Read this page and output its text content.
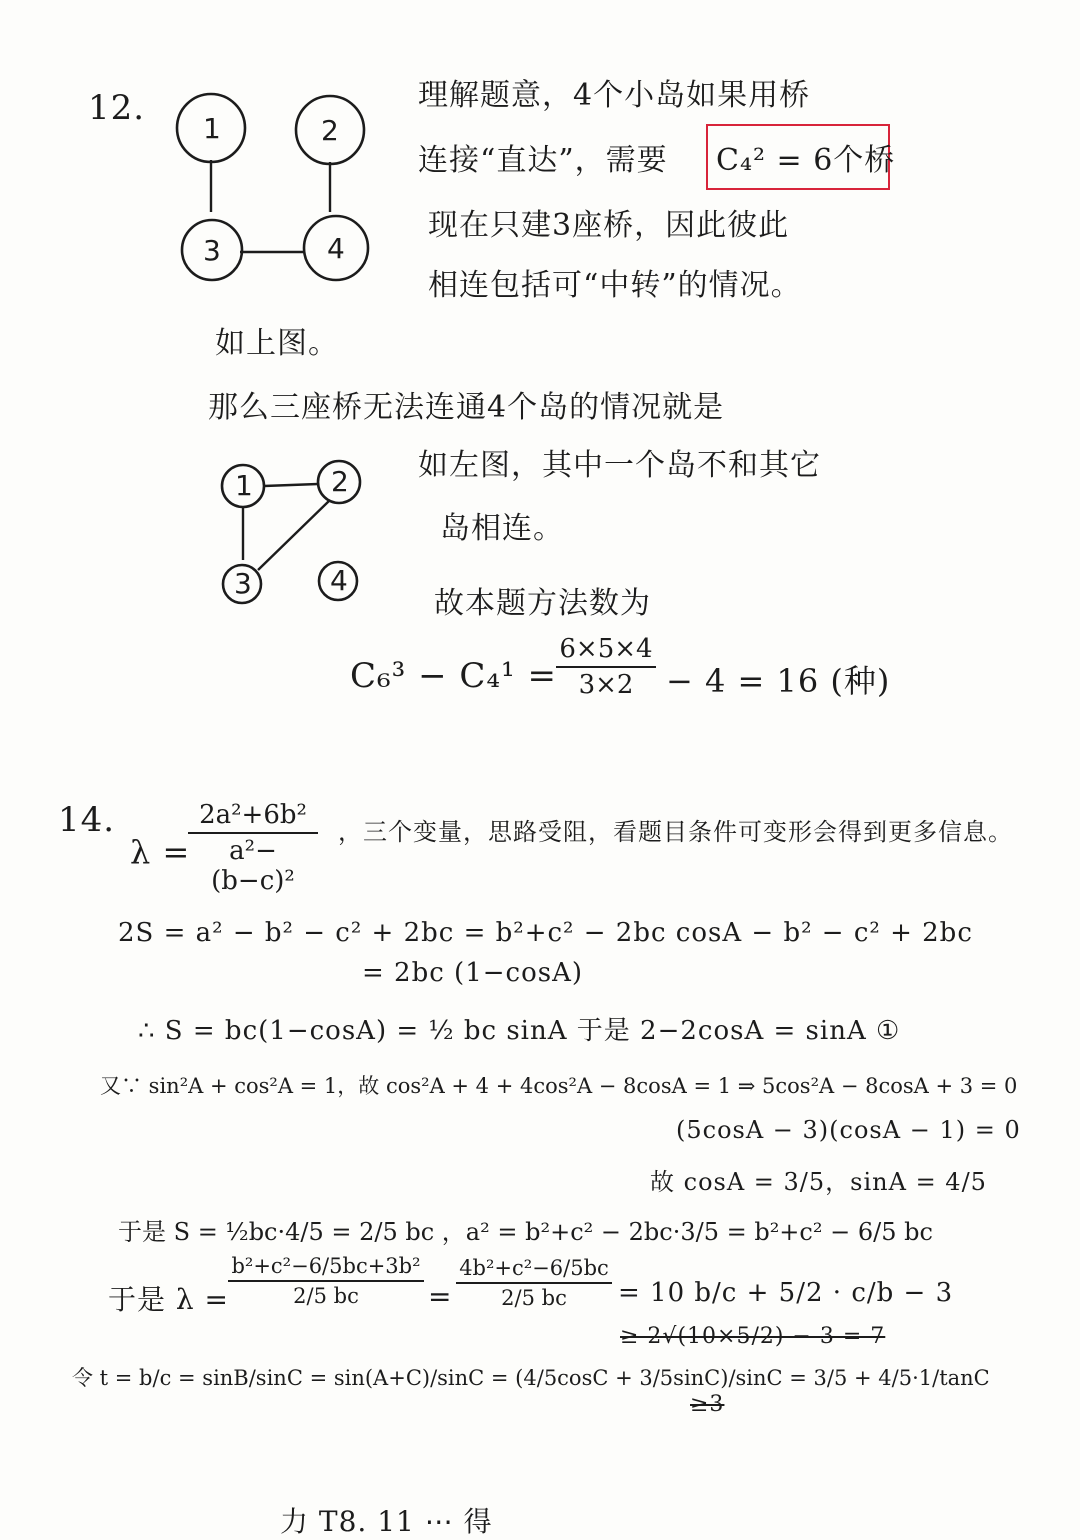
12.
1	2
3	4
1	2
3	4
理解题意，4个小岛如果用桥
连接“直达”，需要 C₄² = 6个桥
现在只建3座桥，因此彼此
相连包括可“中转”的情况。
如上图。
那么三座桥无法连通4个岛的情况就是
如左图，其中一个岛不和其它
岛相连。
故本题方法数为
C₆³ − C₄¹ =
6×5×4
3×2	− 4 = 16 (种)
14.
λ =
2a²+6b²
a²−(b−c)²
，三个变量，思路受阻，看题目条件可变形会得到更多信息。
2S = a² − b² − c² + 2bc = b²+c² − 2bc cosA − b² − c² + 2bc
= 2bc (1−cosA)
∴ S = bc(1−cosA) = ½ bc sinA 于是 2−2cosA = sinA ①
又∵ sin²A + cos²A = 1，故 cos²A + 4 + 4cos²A − 8cosA = 1 ⇒ 5cos²A − 8cosA + 3 = 0
(5cosA − 3)(cosA − 1) = 0
故 cosA = 3/5，sinA = 4/5
于是 S = ½bc·4/5 = 2/5 bc ，a² = b²+c² − 2bc·3/5 = b²+c² − 6/5 bc
于是 λ =
b²+c²−6/5bc+3b²
2/5 bc	=
4b²+c²−6/5bc
2/5 bc	= 10 b/c + 5/2 · c/b − 3
≥ 2√(10×5/2) − 3 = 7
令 t = b/c = sinB/sinC = sin(A+C)/sinC = (4/5cosC + 3/5sinC)/sinC = 3/5 + 4/5·1/tanC
≥3
力 T8. 11 ⋯ 得
